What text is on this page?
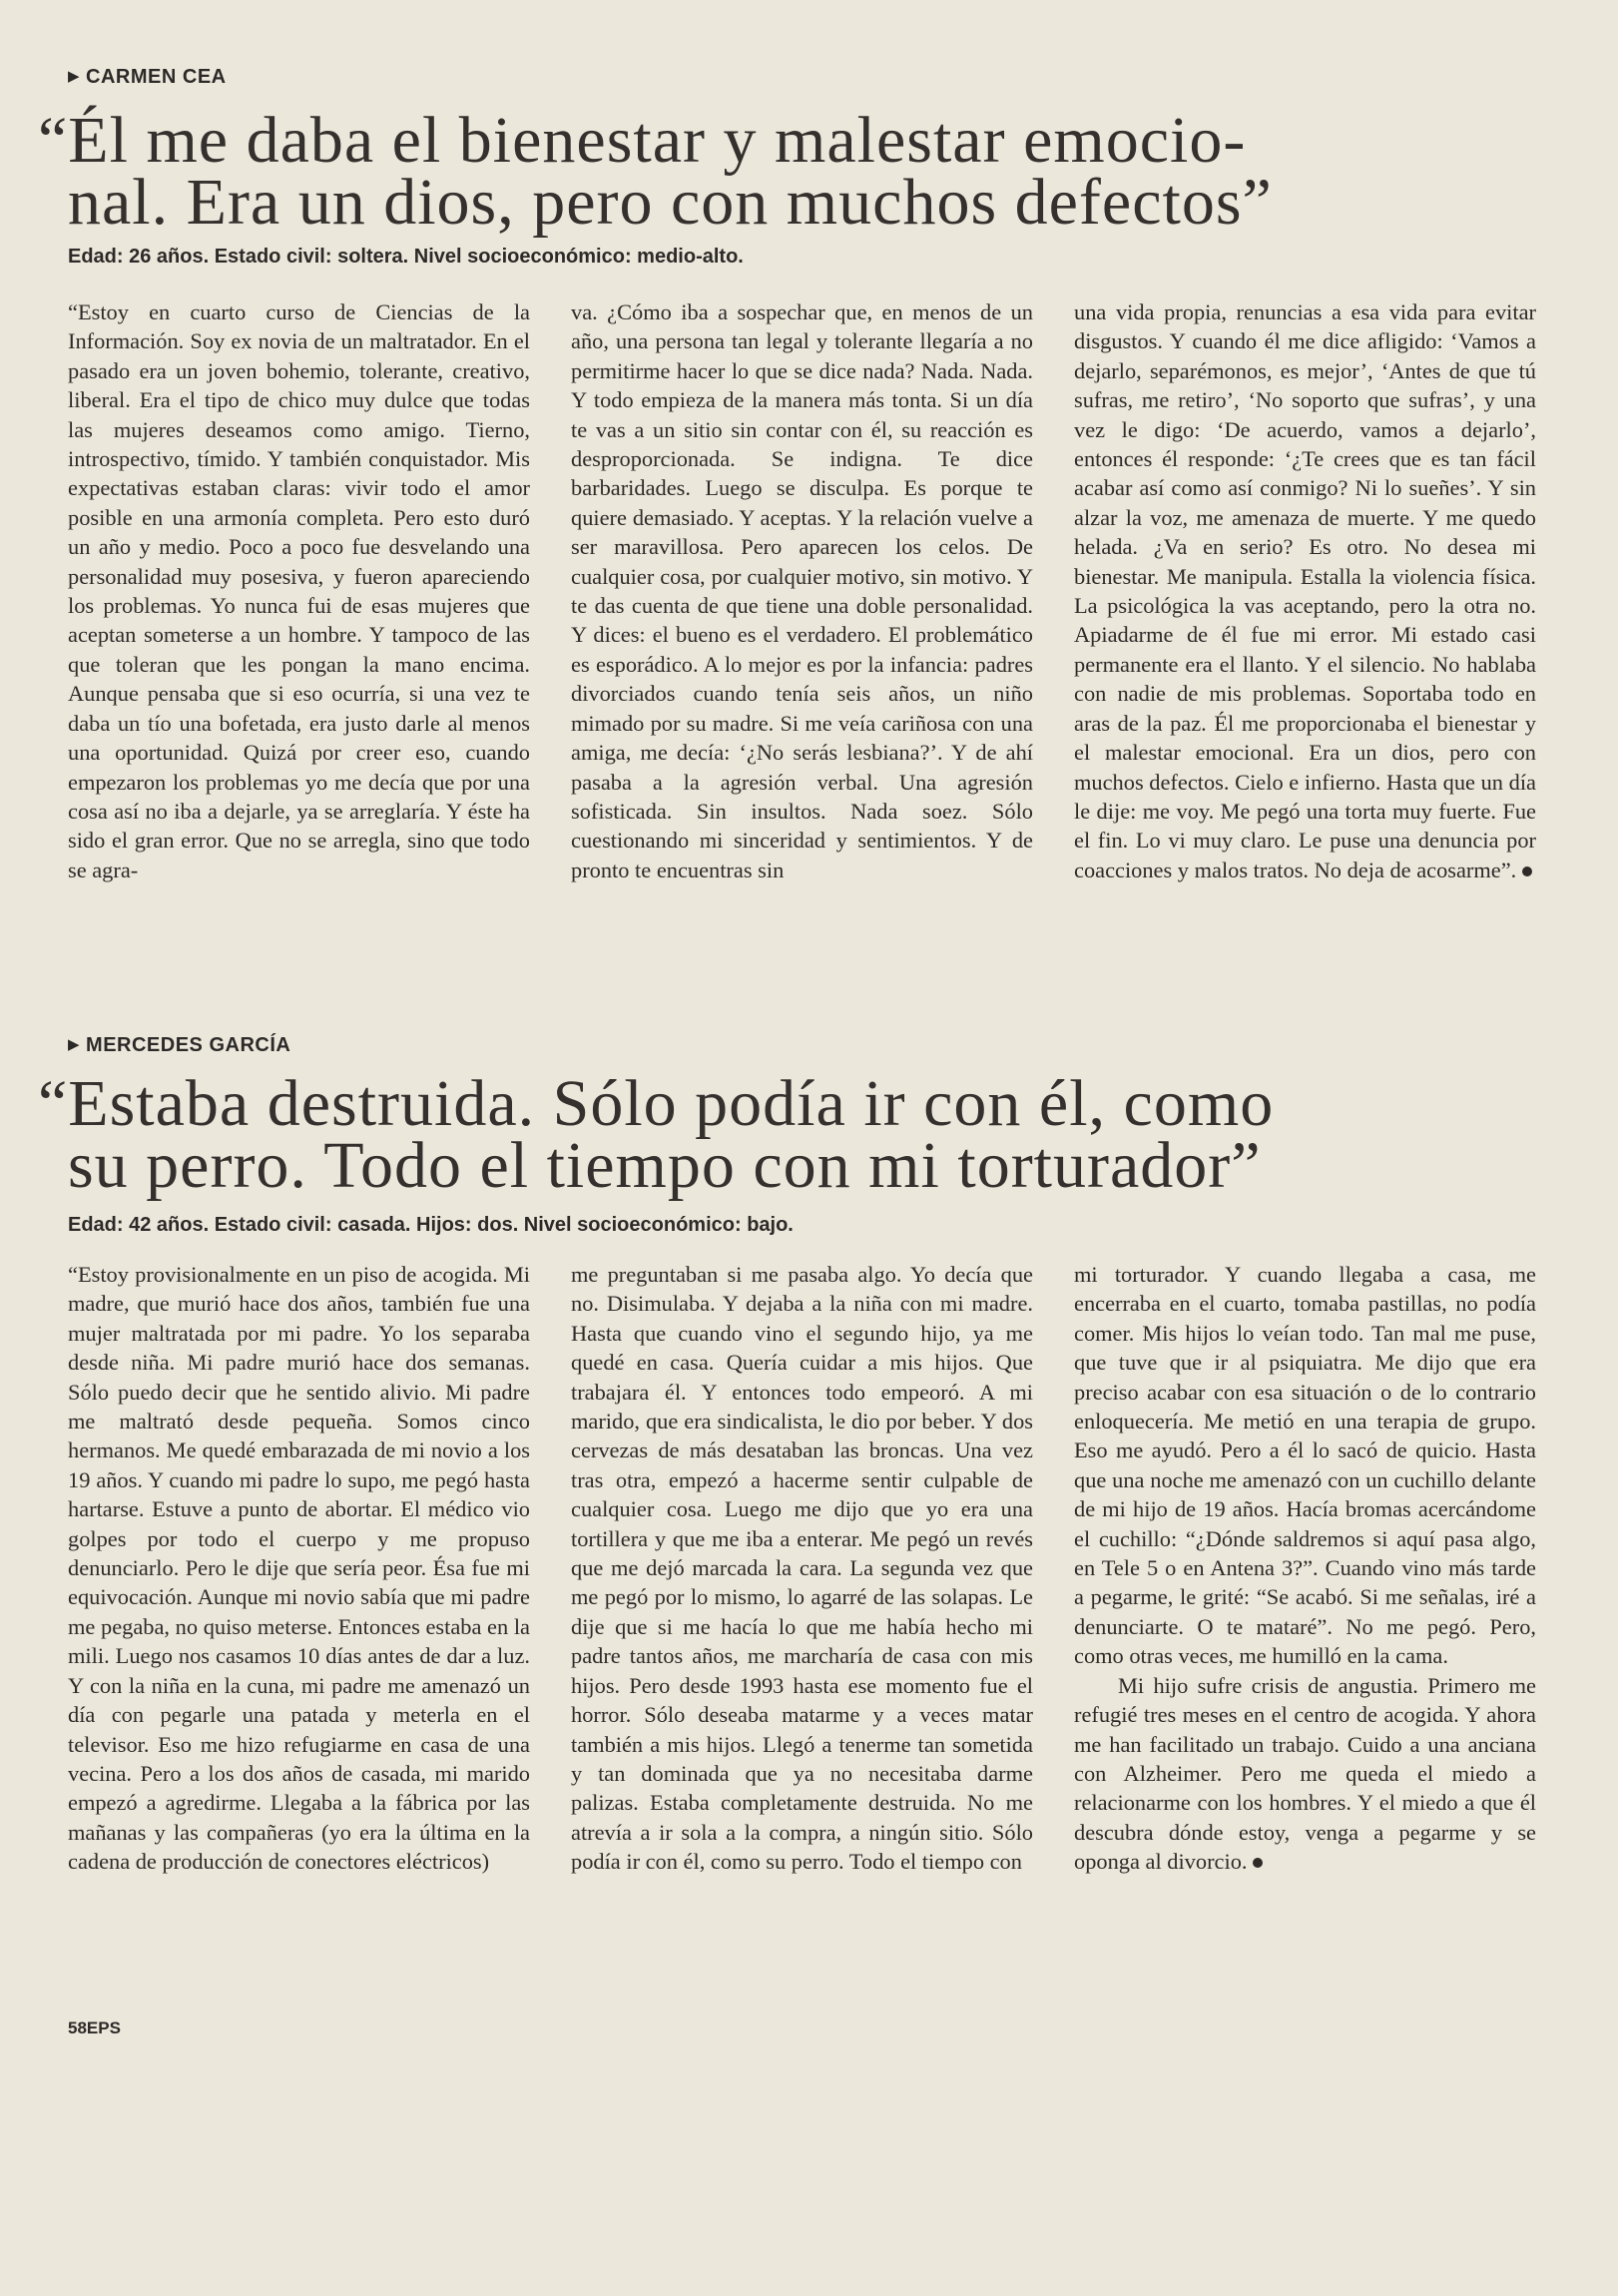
▶ CARMEN CEA
“Él me daba el bienestar y malestar emocio-
nal. Era un dios, pero con muchos defectos”
Edad: 26 años. Estado civil: soltera. Nivel socioeconómico: medio-alto.
“Estoy en cuarto curso de Ciencias de la Información. Soy ex novia de un maltratador. En el pasado era un joven bohemio, tolerante, creativo, liberal. Era el tipo de chico muy dulce que todas las mujeres deseamos como amigo. Tierno, introspectivo, tímido. Y también conquistador. Mis expectativas estaban claras: vivir todo el amor posible en una armonía completa. Pero esto duró un año y medio. Poco a poco fue desvelando una personalidad muy posesiva, y fueron apareciendo los problemas. Yo nunca fui de esas mujeres que aceptan someterse a un hombre. Y tampoco de las que toleran que les pongan la mano encima. Aunque pensaba que si eso ocurría, si una vez te daba un tío una bofetada, era justo darle al menos una oportunidad. Quizá por creer eso, cuando empezaron los problemas yo me decía que por una cosa así no iba a dejarle, ya se arreglaría. Y éste ha sido el gran error. Que no se arregla, sino que todo se agra-
va. ¿Cómo iba a sospechar que, en menos de un año, una persona tan legal y tolerante llegaría a no permitirme hacer lo que se dice nada? Nada. Nada. Y todo empieza de la manera más tonta. Si un día te vas a un sitio sin contar con él, su reacción es desproporcionada. Se indigna. Te dice barbaridades. Luego se disculpa. Es porque te quiere demasiado. Y aceptas. Y la relación vuelve a ser maravillosa. Pero aparecen los celos. De cualquier cosa, por cualquier motivo, sin motivo. Y te das cuenta de que tiene una doble personalidad. Y dices: el bueno es el verdadero. El problemático es esporádico. A lo mejor es por la infancia: padres divorciados cuando tenía seis años, un niño mimado por su madre. Si me veía cariñosa con una amiga, me decía: ‘¿No serás lesbiana?’. Y de ahí pasaba a la agresión verbal. Una agresión sofisticada. Sin insultos. Nada soez. Sólo cuestionando mi sinceridad y sentimientos. Y de pronto te encuentras sin
una vida propia, renuncias a esa vida para evitar disgustos. Y cuando él me dice afligido: ‘Vamos a dejarlo, separémonos, es mejor’, ‘Antes de que tú sufras, me retiro’, ‘No soporto que sufras’, y una vez le digo: ‘De acuerdo, vamos a dejarlo’, entonces él responde: ‘¿Te crees que es tan fácil acabar así como así conmigo? Ni lo sueñes’. Y sin alzar la voz, me amenaza de muerte. Y me quedo helada. ¿Va en serio? Es otro. No desea mi bienestar. Me manipula. Estalla la violencia física. La psicológica la vas aceptando, pero la otra no. Apiadarme de él fue mi error. Mi estado casi permanente era el llanto. Y el silencio. No hablaba con nadie de mis problemas. Soportaba todo en aras de la paz. Él me proporcionaba el bienestar y el malestar emocional. Era un dios, pero con muchos defectos. Cielo e infierno. Hasta que un día le dije: me voy. Me pegó una torta muy fuerte. Fue el fin. Lo vi muy claro. Le puse una denuncia por coacciones y malos tratos. No deja de acosarme”.
▶ MERCEDES GARCÍA
“Estaba destruida. Sólo podía ir con él, como
su perro. Todo el tiempo con mi torturador”
Edad: 42 años. Estado civil: casada. Hijos: dos. Nivel socioeconómico: bajo.
“Estoy provisionalmente en un piso de acogida. Mi madre, que murió hace dos años, también fue una mujer maltratada por mi padre. Yo los separaba desde niña. Mi padre murió hace dos semanas. Sólo puedo decir que he sentido alivio. Mi padre me maltrató desde pequeña. Somos cinco hermanos. Me quedé embarazada de mi novio a los 19 años. Y cuando mi padre lo supo, me pegó hasta hartarse. Estuve a punto de abortar. El médico vio golpes por todo el cuerpo y me propuso denunciarlo. Pero le dije que sería peor. Ésa fue mi equivocación. Aunque mi novio sabía que mi padre me pegaba, no quiso meterse. Entonces estaba en la mili. Luego nos casamos 10 días antes de dar a luz. Y con la niña en la cuna, mi padre me amenazó un día con pegarle una patada y meterla en el televisor. Eso me hizo refugiarme en casa de una vecina. Pero a los dos años de casada, mi marido empezó a agredirme. Llegaba a la fábrica por las mañanas y las compañeras (yo era la última en la cadena de producción de conectores eléctricos)
me preguntaban si me pasaba algo. Yo decía que no. Disimulaba. Y dejaba a la niña con mi madre. Hasta que cuando vino el segundo hijo, ya me quedé en casa. Quería cuidar a mis hijos. Que trabajara él. Y entonces todo empeoró. A mi marido, que era sindicalista, le dio por beber. Y dos cervezas de más desataban las broncas. Una vez tras otra, empezó a hacerme sentir culpable de cualquier cosa. Luego me dijo que yo era una tortillera y que me iba a enterar. Me pegó un revés que me dejó marcada la cara. La segunda vez que me pegó por lo mismo, lo agarré de las solapas. Le dije que si me hacía lo que me había hecho mi padre tantos años, me marcharía de casa con mis hijos. Pero desde 1993 hasta ese momento fue el horror. Sólo deseaba matarme y a veces matar también a mis hijos. Llegó a tenerme tan sometida y tan dominada que ya no necesitaba darme palizas. Estaba completamente destruida. No me atrevía a ir sola a la compra, a ningún sitio. Sólo podía ir con él, como su perro. Todo el tiempo con
mi torturador. Y cuando llegaba a casa, me encerraba en el cuarto, tomaba pastillas, no podía comer. Mis hijos lo veían todo. Tan mal me puse, que tuve que ir al psiquiatra. Me dijo que era preciso acabar con esa situación o de lo contrario enloquecería. Me metió en una terapia de grupo. Eso me ayudó. Pero a él lo sacó de quicio. Hasta que una noche me amenazó con un cuchillo delante de mi hijo de 19 años. Hacía bromas acercándome el cuchillo: “¿Dónde saldremos si aquí pasa algo, en Tele 5 o en Antena 3?”. Cuando vino más tarde a pegarme, le grité: “Se acabó. Si me señalas, iré a denunciarte. O te mataré”. No me pegó. Pero, como otras veces, me humilló en la cama.
Mi hijo sufre crisis de angustia. Primero me refugié tres meses en el centro de acogida. Y ahora me han facilitado un trabajo. Cuido a una anciana con Alzheimer. Pero me queda el miedo a relacionarme con los hombres. Y el miedo a que él descubra dónde estoy, venga a pegarme y se oponga al divorcio.
58EPS
